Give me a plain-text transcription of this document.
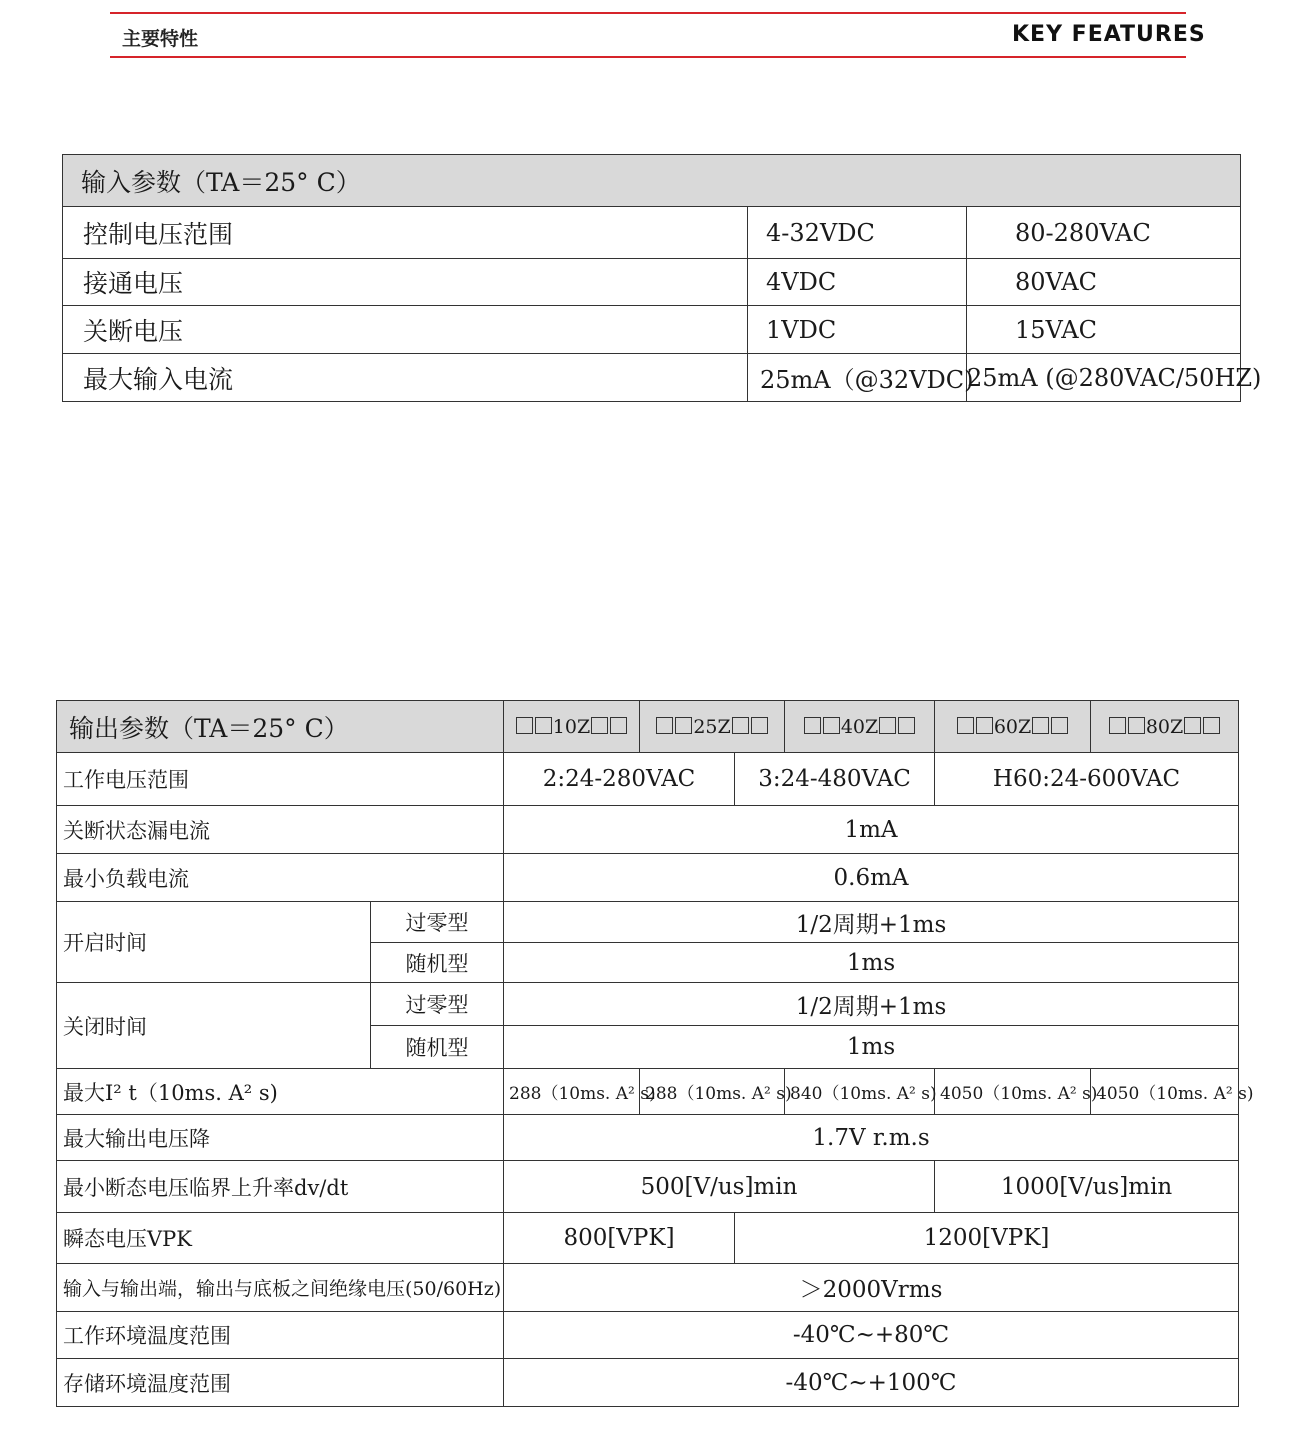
主要特性	KEY FEATURES
输入参数（TA＝25° C）		
控制电压范围	4-32VDC	80-280VAC
接通电压	4VDC	80VAC
关断电压	1VDC	15VAC
最大输入电流	25mA（@32VDC)	25mA (@280VAC/50HZ)
输出参数（TA＝25° C）		10Z	25Z		40Z	60Z	80Z
工作电压范围		2:24-280VAC		3:24-480VAC		H60:24-600VAC	
关断状态漏电流		1mA					
最小负载电流		0.6mA					
开启时间	过零型	1/2周期+1ms					
	随机型	1ms					
关闭时间	过零型	1/2周期+1ms					
	随机型	1ms					
最大I² t（10ms. A² s)		288（10ms. A² s)	288（10ms. A² s)		840（10ms. A² s)	4050（10ms. A² s)	4050（10ms. A² s)
最大输出电压降		1.7V r.m.s					
最小断态电压临界上升率dv/dt		500[V/us]min				1000[V/us]min	
瞬态电压VPK		800[VPK]		1200[VPK]			
输入与输出端，输出与底板之间绝缘电压(50/60Hz)		＞2000Vrms					
工作环境温度范围		-40℃~+80℃					
存储环境温度范围		-40℃~+100℃					
